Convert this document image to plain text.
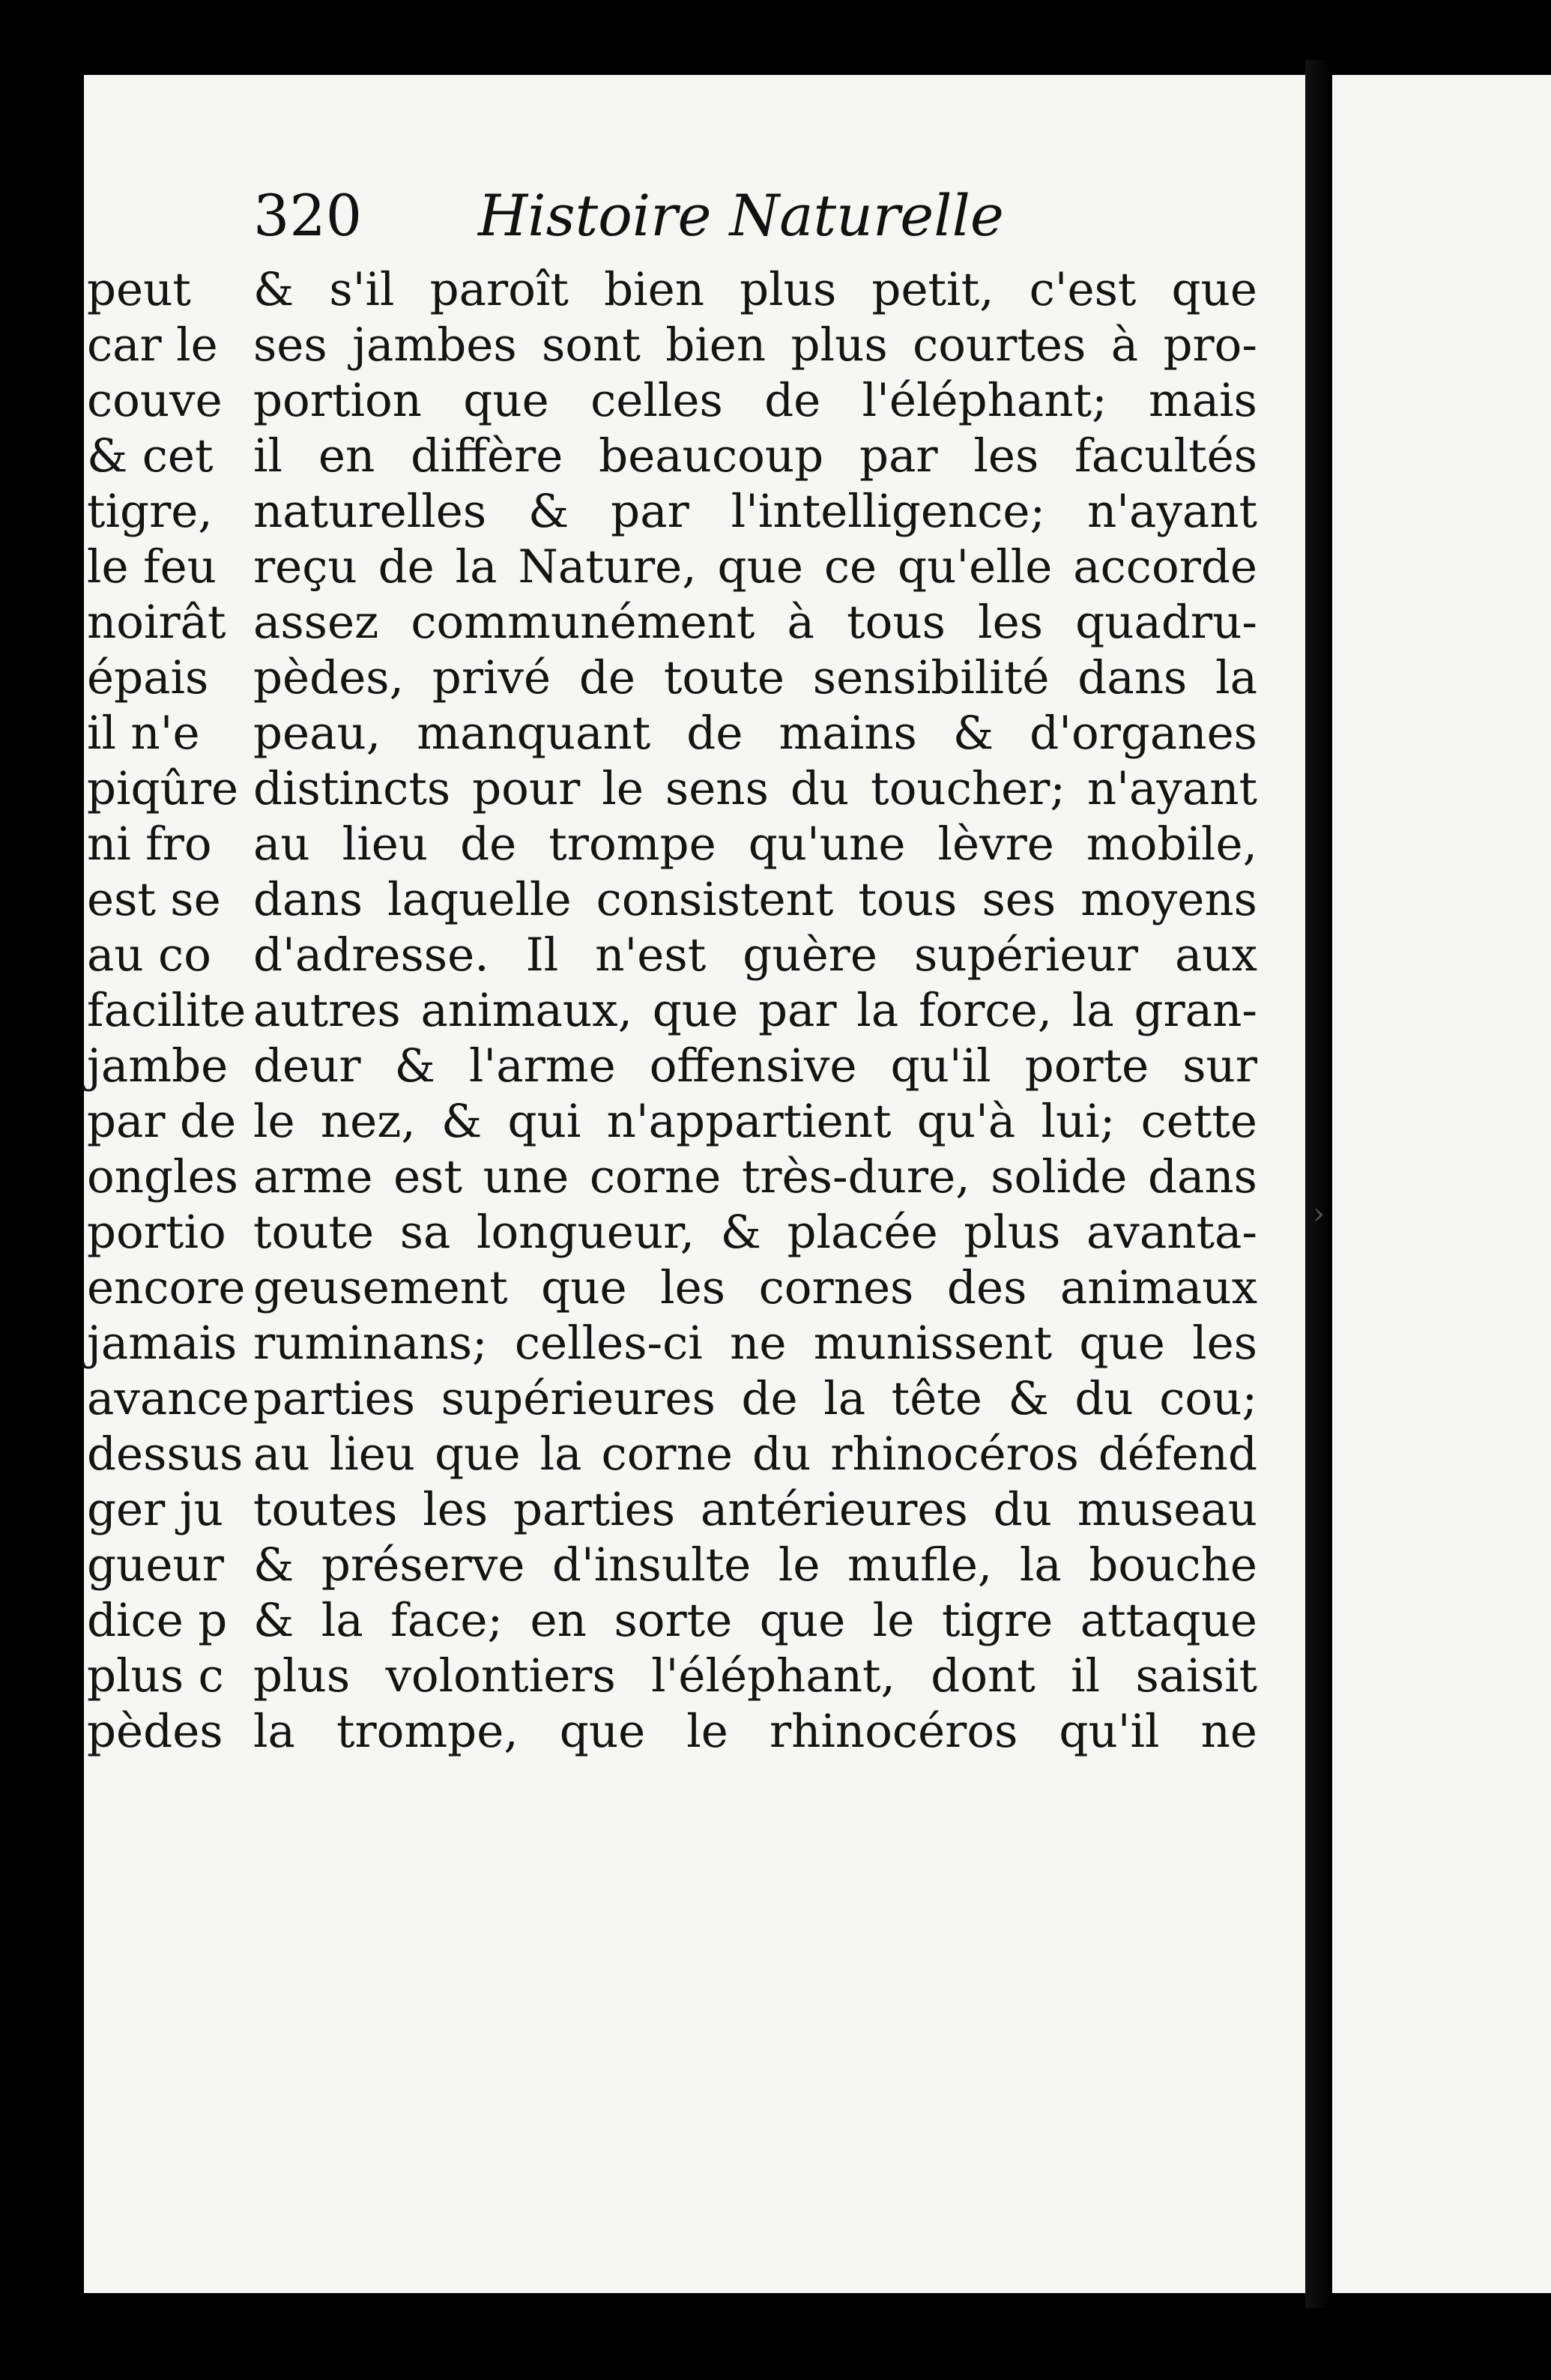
320 Histoire Naturelle
& s'il paroît bien plus petit, c'est que
ses jambes sont bien plus courtes à pro-
portion que celles de l'éléphant; mais
il en diffère beaucoup par les facultés
naturelles & par l'intelligence; n'ayant
reçu de la Nature, que ce qu'elle accorde
assez communément à tous les quadru-
pèdes, privé de toute sensibilité dans la
peau, manquant de mains & d'organes
distincts pour le sens du toucher; n'ayant
au lieu de trompe qu'une lèvre mobile,
dans laquelle consistent tous ses moyens
d'adresse. Il n'est guère supérieur aux
autres animaux, que par la force, la gran-
deur & l'arme offensive qu'il porte sur
le nez, & qui n'appartient qu'à lui; cette
arme est une corne très-dure, solide dans
toute sa longueur, & placée plus avanta-
geusement que les cornes des animaux
ruminans; celles-ci ne munissent que les
parties supérieures de la tête & du cou;
au lieu que la corne du rhinocéros défend
toutes les parties antérieures du museau
& préserve d'insulte le mufle, la bouche
& la face; en sorte que le tigre attaque
plus volontiers l'éléphant, dont il saisit
la trompe, que le rhinocéros qu'il ne
peut
car le
couve
& cet
tigre,
le feu
noirât
épais
il n'e
piqûre
ni fro
est se
au co
facilite
jambe
par de
ongles
portio
encore
jamais
avance
dessus
ger ju
gueur
dice p
plus c
pèdes
›
